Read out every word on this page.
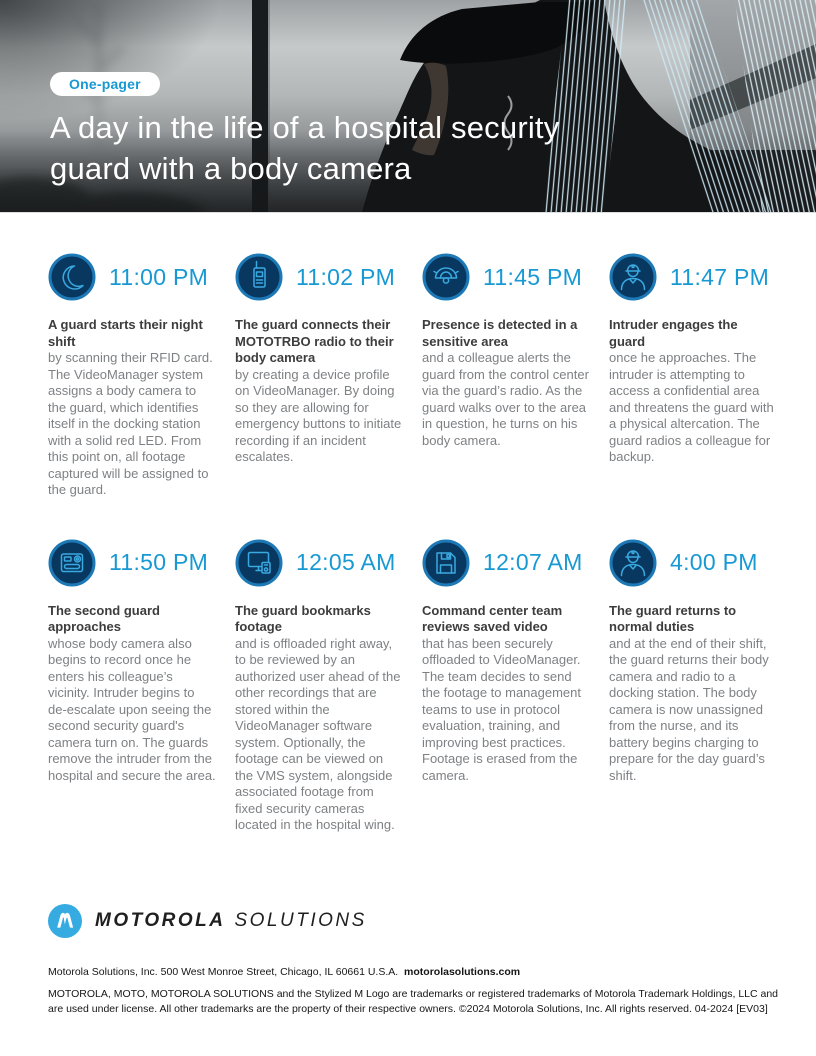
One-pager
A day in the life of a hospital security
guard with a body camera
11:00 PM
A guard starts their night shift

by scanning their RFID card. The VideoManager system assigns a body camera to the guard, which identifies itself in the docking station with a solid red LED. From this point on, all footage captured will be assigned to the guard.

11:02 PM
The guard connects their MOTOTRBO radio to their body camera

by creating a device profile on VideoManager. By doing so they are allowing for emergency buttons to initiate recording if an incident escalates.

11:45 PM
Presence is detected in a sensitive area

and a colleague alerts the guard from the control center via the guard’s radio. As the guard walks over to the area in question, he turns on his body camera.

11:47 PM
Intruder engages the guard

once he approaches. The intruder is attempting to access a confidential area and threatens the guard with a physical altercation. The guard radios a colleague for backup.

11:50 PM
The second guard approaches

whose body camera also begins to record once he enters his colleague’s vicinity. Intruder begins to de-escalate upon seeing the second security guard's camera turn on. The guards remove the intruder from the hospital and secure the area.

12:05 AM
The guard bookmarks footage

and is offloaded right away, to be reviewed by an authorized user ahead of the other recordings that are stored within the VideoManager software system. Optionally, the footage can be viewed on the VMS system, alongside associated footage from fixed security cameras located in the hospital wing.

12:07 AM
Command center team reviews saved video

that has been securely offloaded to VideoManager. The team decides to send the footage to management teams to use in protocol evaluation, training, and improving best practices. Footage is erased from the camera.

4:00 PM
The guard returns to normal duties

and at the end of their shift, the guard returns their body camera and radio to a docking station. The body camera is now unassigned from the nurse, and its battery begins charging to prepare for the day guard’s shift.

MOTOROLA SOLUTIONS
Motorola Solutions, Inc. 500 West Monroe Street, Chicago, IL 60661 U.S.A. motorolasolutions.com
MOTOROLA, MOTO, MOTOROLA SOLUTIONS and the Stylized M Logo are trademarks or registered trademarks of Motorola Trademark Holdings, LLC and are used under license. All other trademarks are the property of their respective owners. ©2024 Motorola Solutions, Inc. All rights reserved. 04-2024 [EV03]
